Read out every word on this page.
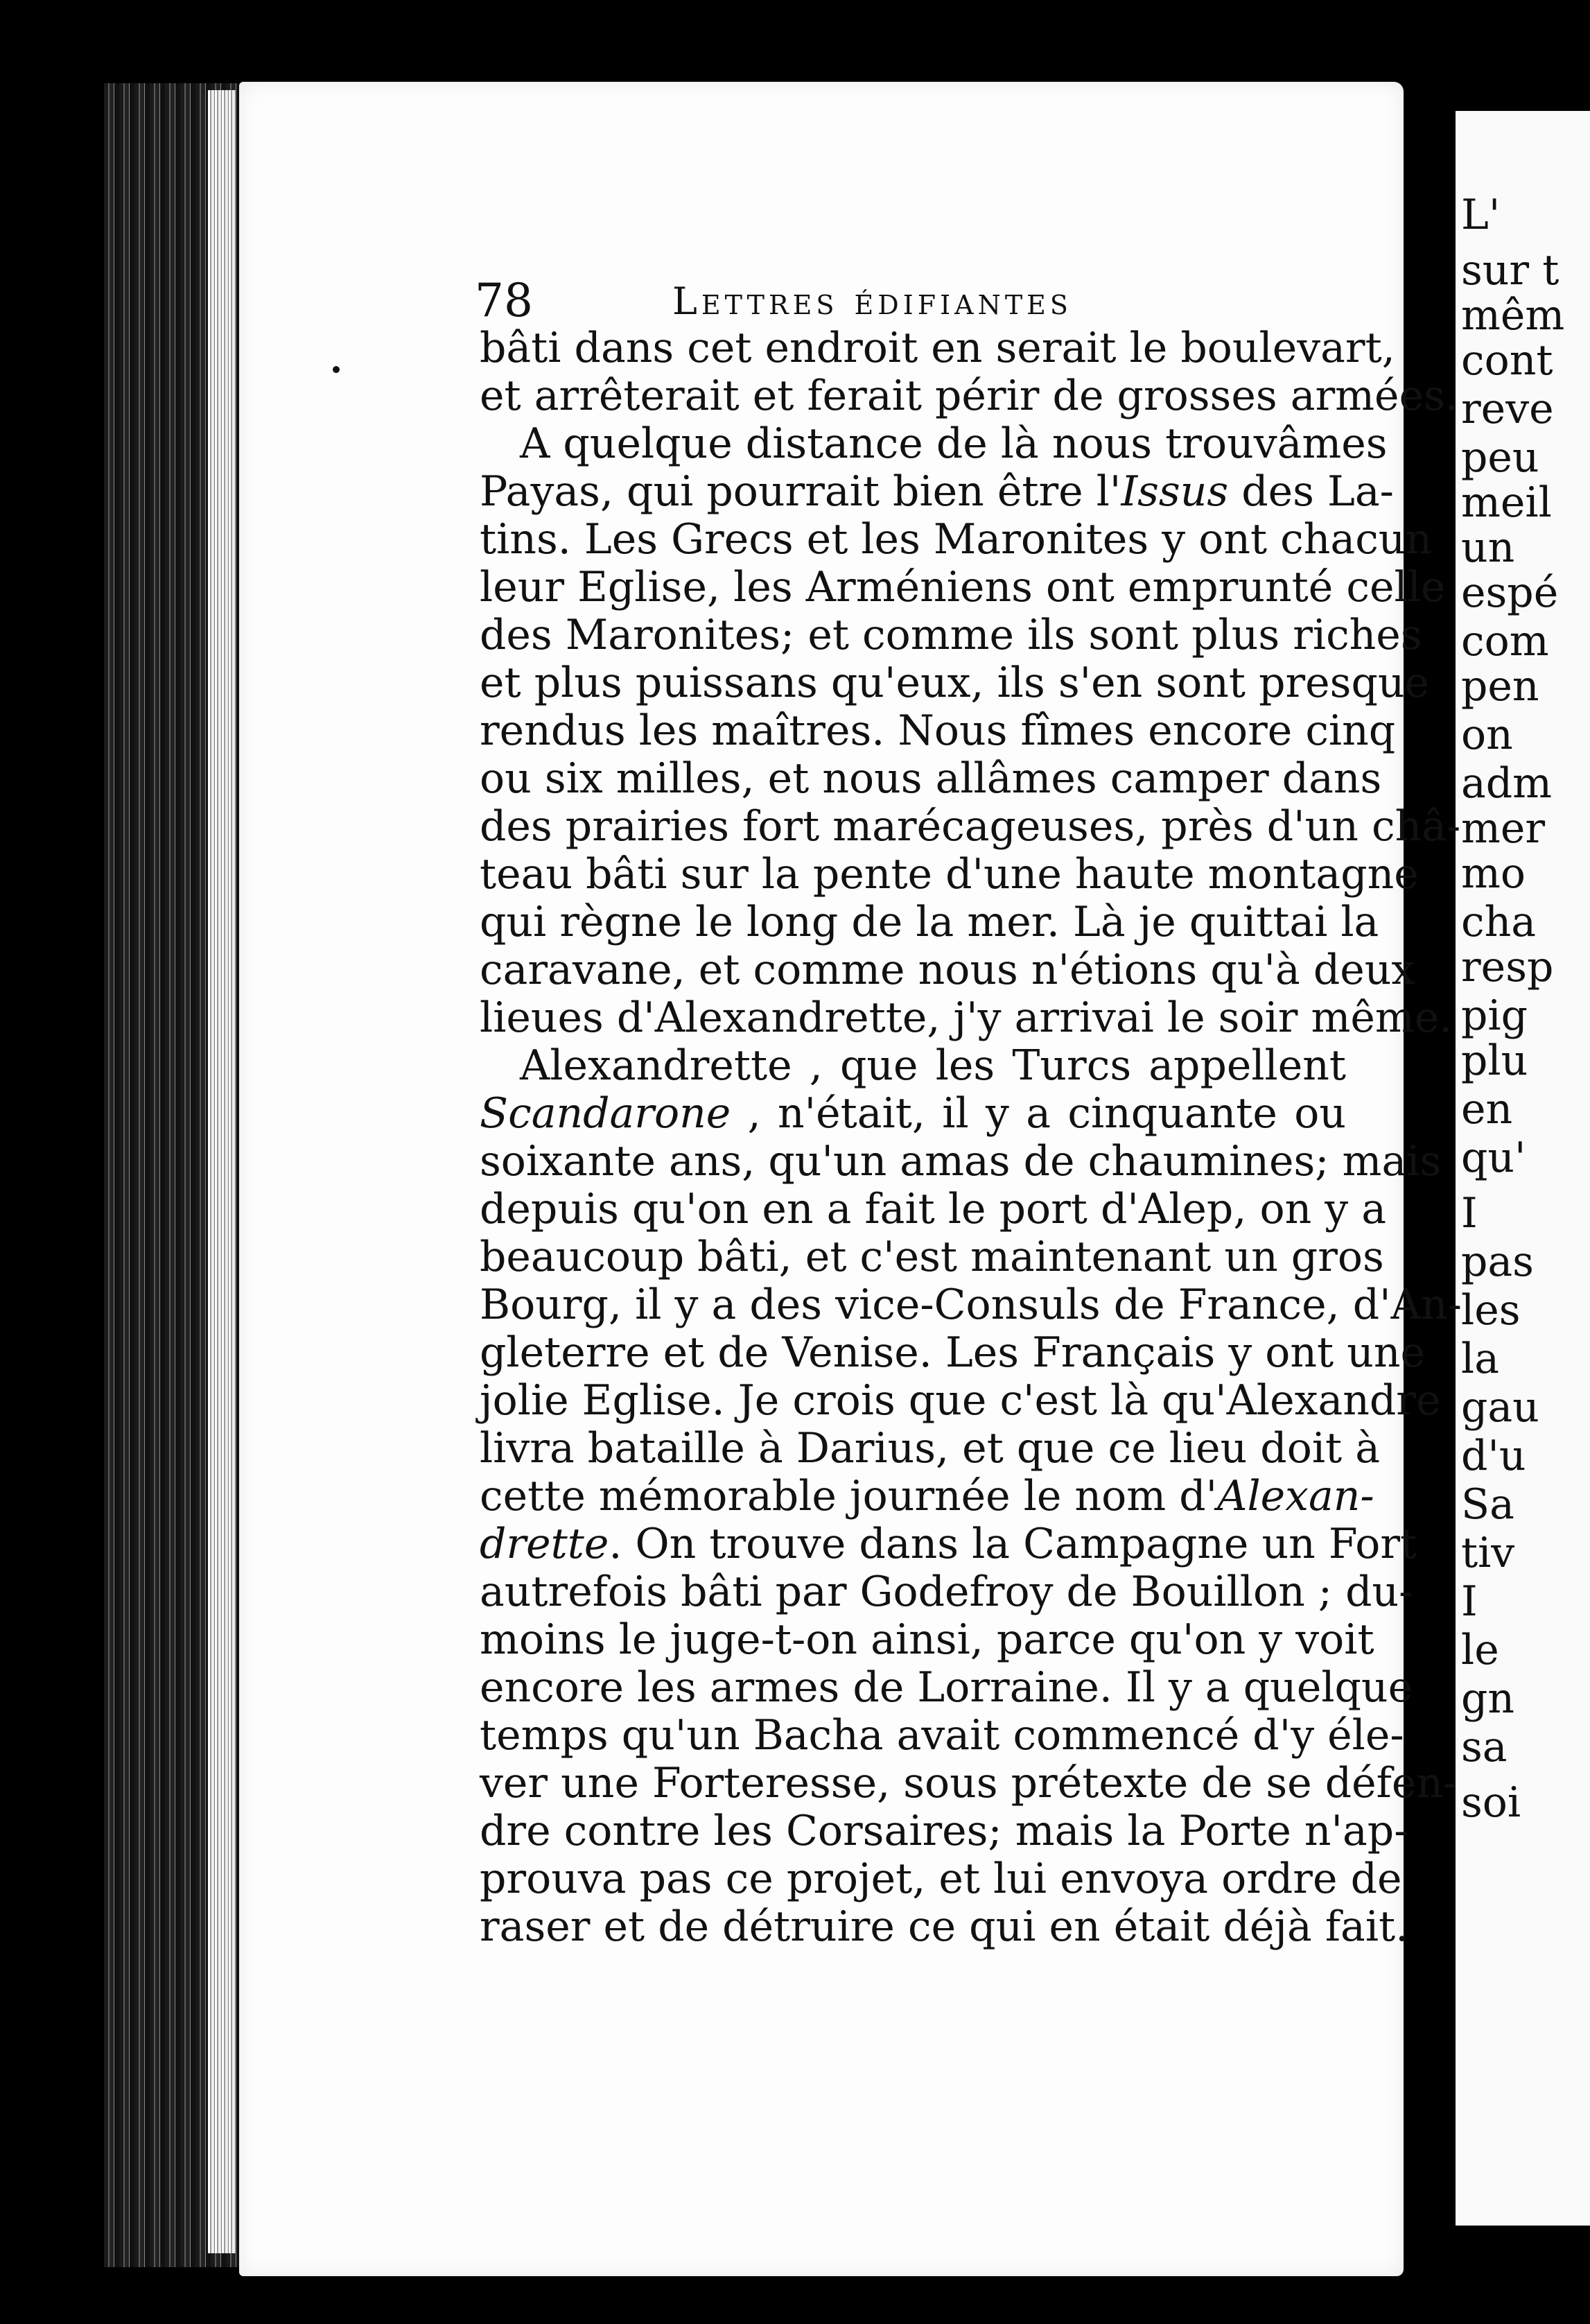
L'
sur t
mêm
cont
reve
peu
meil
un
espé
com
pen
on
adm
mer
mo
cha
resp
pig
plu
en
qu'
I
pas
les
la
gau
d'u
Sa
tiv
I
le
gn
sa
soi
78	Lettres édifiantes
bâti dans cet endroit en serait le boulevart,
et arrêterait et ferait périr de grosses armées.
A quelque distance de là nous trouvâmes
Payas, qui pourrait bien être l'Issus des La-
tins. Les Grecs et les Maronites y ont chacun
leur Eglise, les Arméniens ont emprunté celle
des Maronites; et comme ils sont plus riches
et plus puissans qu'eux, ils s'en sont presque
rendus les maîtres. Nous fîmes encore cinq
ou six milles, et nous allâmes camper dans
des prairies fort marécageuses, près d'un châ-
teau bâti sur la pente d'une haute montagne
qui règne le long de la mer. Là je quittai la
caravane, et comme nous n'étions qu'à deux
lieues d'Alexandrette, j'y arrivai le soir même.
Alexandrette , que les Turcs appellent
Scandarone , n'était, il y a cinquante ou
soixante ans, qu'un amas de chaumines; mais
depuis qu'on en a fait le port d'Alep, on y a
beaucoup bâti, et c'est maintenant un gros
Bourg, il y a des vice-Consuls de France, d'An-
gleterre et de Venise. Les Français y ont une
jolie Eglise. Je crois que c'est là qu'Alexandre
livra bataille à Darius, et que ce lieu doit à
cette mémorable journée le nom d'Alexan-
drette. On trouve dans la Campagne un Fort
autrefois bâti par Godefroy de Bouillon ; du-
moins le juge-t-on ainsi, parce qu'on y voit
encore les armes de Lorraine. Il y a quelque
temps qu'un Bacha avait commencé d'y éle-
ver une Forteresse, sous prétexte de se défen-
dre contre les Corsaires; mais la Porte n'ap-
prouva pas ce projet, et lui envoya ordre de
raser et de détruire ce qui en était déjà fait.
